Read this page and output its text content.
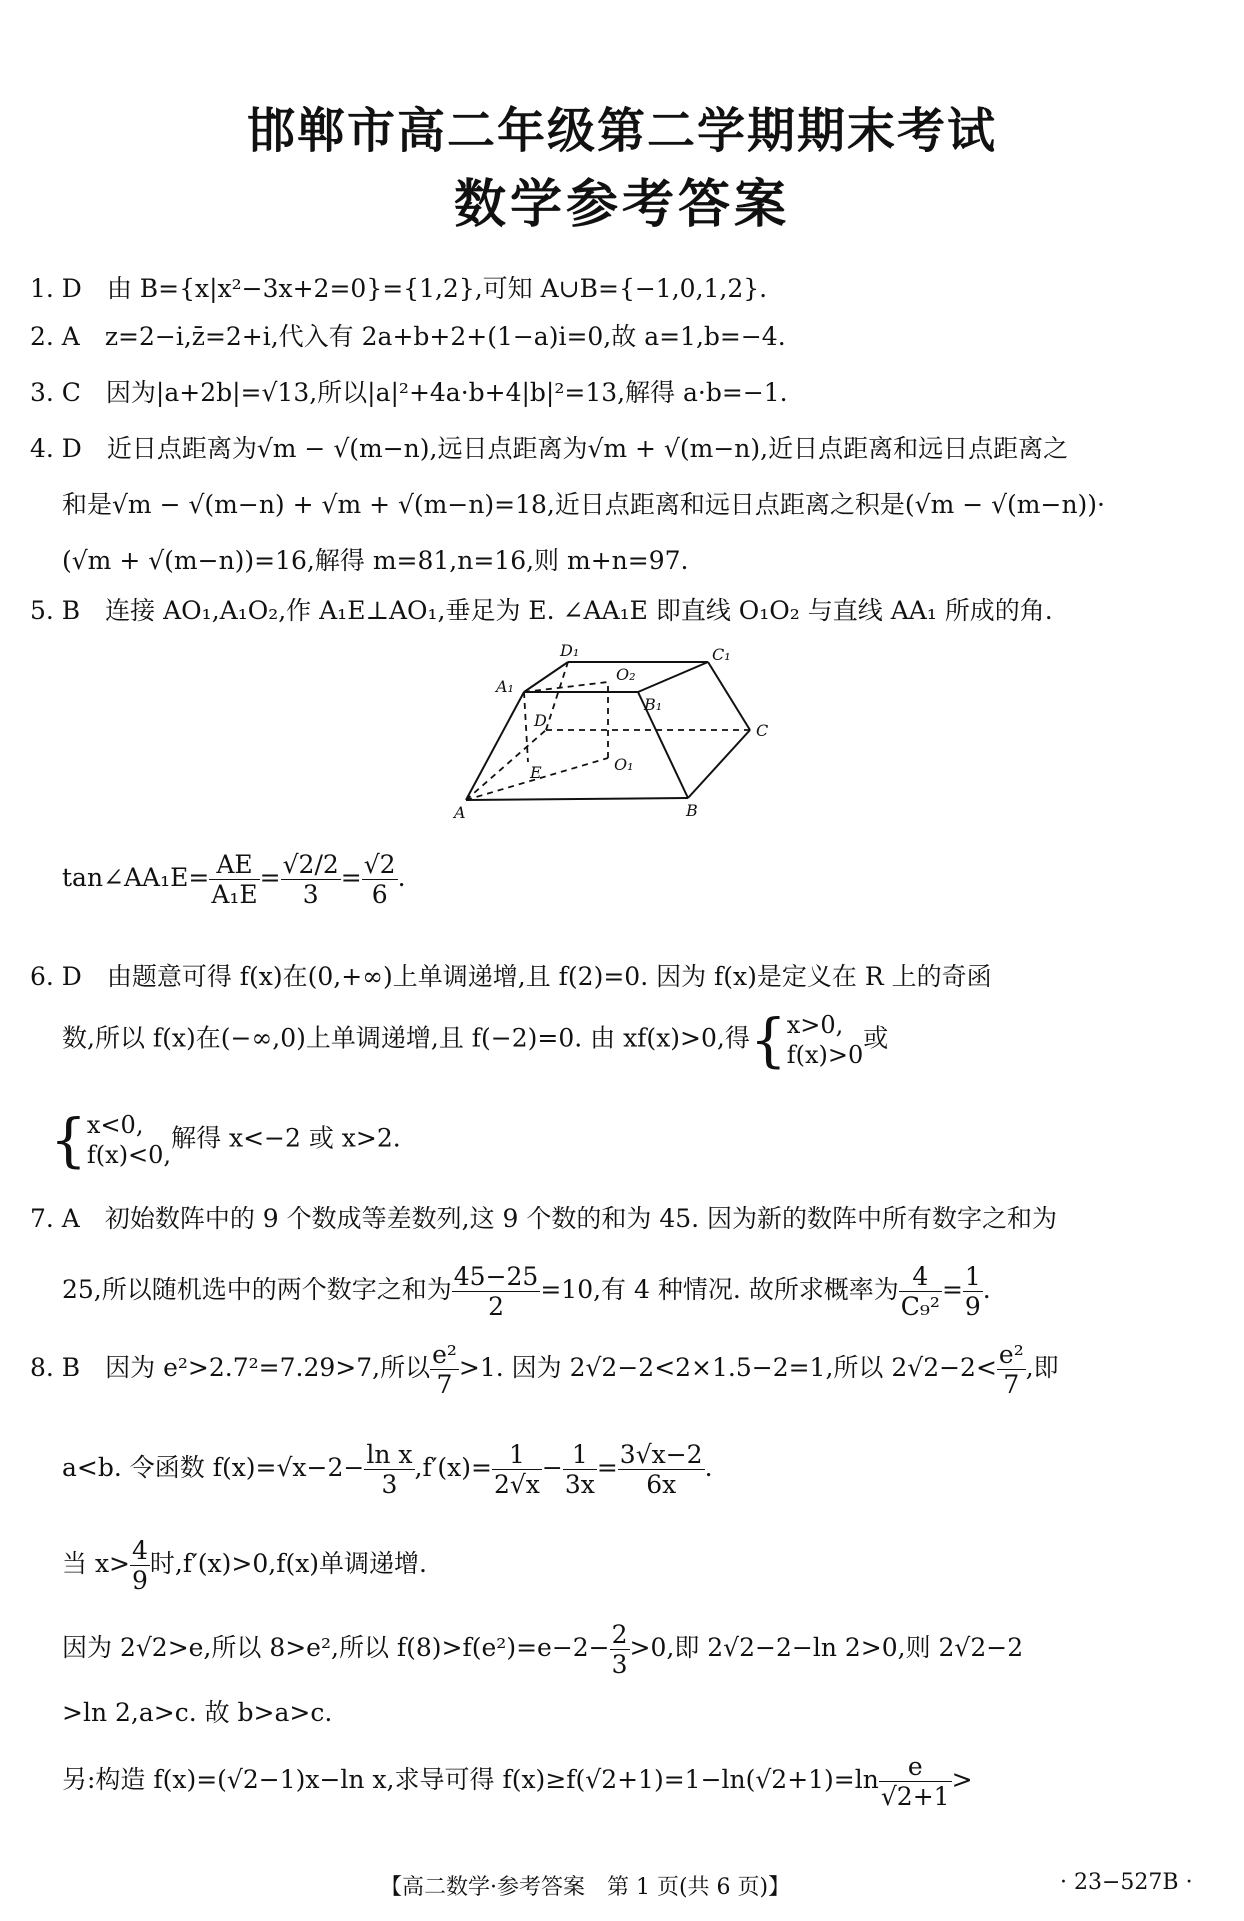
邯郸市高二年级第二学期期末考试
数学参考答案
1. D　由 B={x|x²−3x+2=0}={1,2},可知 A∪B={−1,0,1,2}.
2. A　z=2−i,z̄=2+i,代入有 2a+b+2+(1−a)i=0,故 a=1,b=−4.
3. C　因为|a+2b|=√13,所以|a|²+4a·b+4|b|²=13,解得 a·b=−1.
4. D　近日点距离为√m − √(m−n),远日点距离为√m + √(m−n),近日点距离和远日点距离之
和是√m − √(m−n) + √m + √(m−n)=18,近日点距离和远日点距离之积是(√m − √(m−n))·
(√m + √(m−n))=16,解得 m=81,n=16,则 m+n=97.
5. B　连接 AO₁,A₁O₂,作 A₁E⊥AO₁,垂足为 E. ∠AA₁E 即直线 O₁O₂ 与直线 AA₁ 所成的角.
A	B
C
D
E
A₁
B₁
C₁
D₁
O₁
O₂
tan∠AA₁E= $\frac{AE}{\text{A₁E}} = \frac{√2/2}{3} = \frac{√2}{6}$ .
6. D　由题意可得 f(x)在(0,+∞)上单调递增,且 f(2)=0. 因为 f(x)是定义在 R 上的奇函
数,所以 f(x)在(−∞,0)上单调递增,且 f(−2)=0. 由 xf(x)>0,得{ x>0,
f(x)>0
或
{ x<0,
f(x)<0,
解得 x<−2 或 x>2.
7. A　初始数阵中的 9 个数成等差数列,这 9 个数的和为 45. 因为新的数阵中所有数字之和为
25,所以随机选中的两个数字之和为 $\frac{45-25}{2} =10$,有 4 种情况. 故所求概率为 $\frac{4}{\text{C₉²}} = \frac{1}{9}$ .
8. B　因为 e²>2.7²=7.29>7,所以 $\frac{\text{e²}}{7} >1$. 因为 2√2−2<2×1.5−2=1,所以 $2√2-2< \frac{\text{e²}}{7}$ ,即
a<b. 令函数 $f(x)=√x-2- \frac{\text{ln x}}{3} ,f'(x)= \frac{1}{2√x} - \frac{1}{3x} = \frac{3√x-2}{6x}$ .
当 $x> \frac{4}{9}$ 时,f′(x)>0,f(x)单调递增.
因为 2√2>e,所以 8>e²,所以 $f(8)>f(e^2)=e-2- \frac{2}{3} >0$,即 2√2−2−ln 2>0,则 2√2−2
>ln 2,a>c. 故 b>a>c.
另:构造 f(x)=(√2−1)x−ln x,求导可得 $f(x)\ge f(√2+1)=1-\ln(√2+1)=\ln \frac{e}{√2+1}$ >
【高二数学·参考答案　第 1 页(共 6 页)】	· 23−527B ·
